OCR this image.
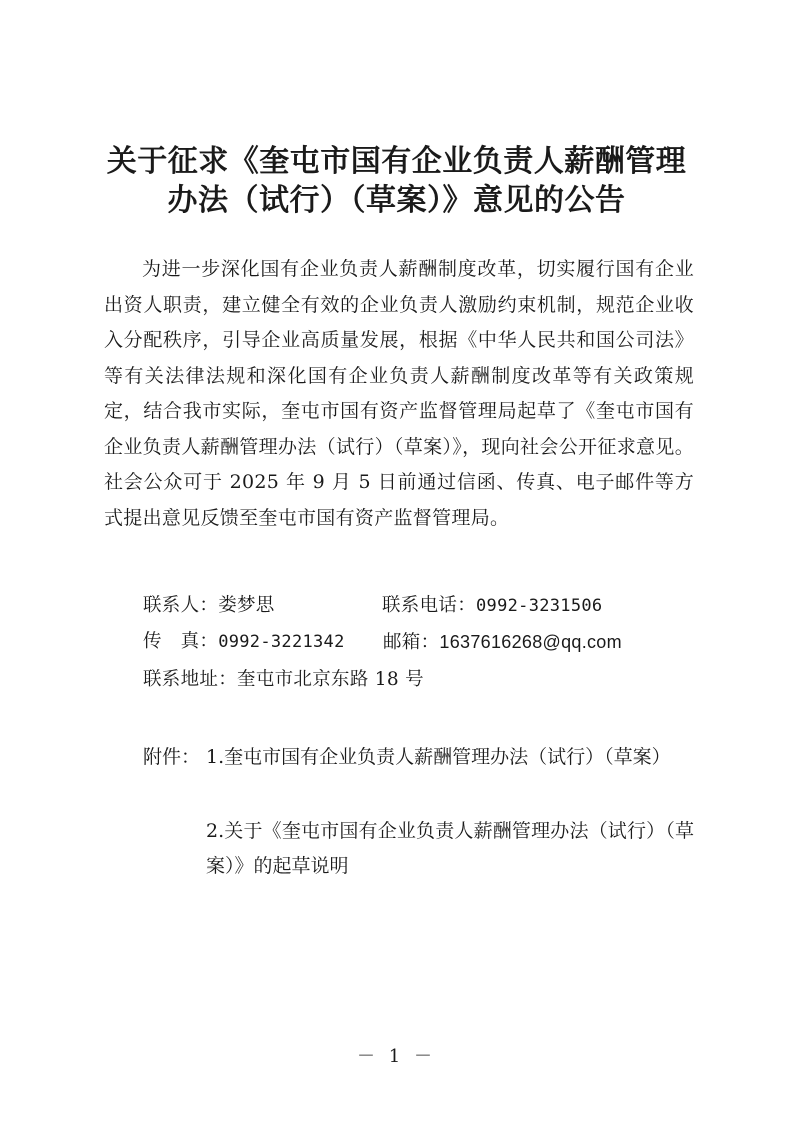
关于征求《奎屯市国有企业负责人薪酬管理
办法（试行）（草案）》意见的公告
为进一步深化国有企业负责人薪酬制度改革，切实履行国有企业出资人职责，建立健全有效的企业负责人激励约束机制，规范企业收入分配秩序，引导企业高质量发展，根据《中华人民共和国公司法》等有关法律法规和深化国有企业负责人薪酬制度改革等有关政策规定，结合我市实际，奎屯市国有资产监督管理局起草了《奎屯市国有企业负责人薪酬管理办法（试行）（草案）》，现向社会公开征求意见。社会公众可于 2025 年 9 月 5 日前通过信函、传真、电子邮件等方式提出意见反馈至奎屯市国有资产监督管理局。
联系人：娄梦思	联系电话：0992-3231506
传　真：0992-3221342 邮箱：1637616268@qq.com
联系地址：奎屯市北京东路 18 号
附件： 1.奎屯市国有企业负责人薪酬管理办法（试行）（草案）
2.关于《奎屯市国有企业负责人薪酬管理办法（试行）（草案）》的起草说明
－ 1 －
